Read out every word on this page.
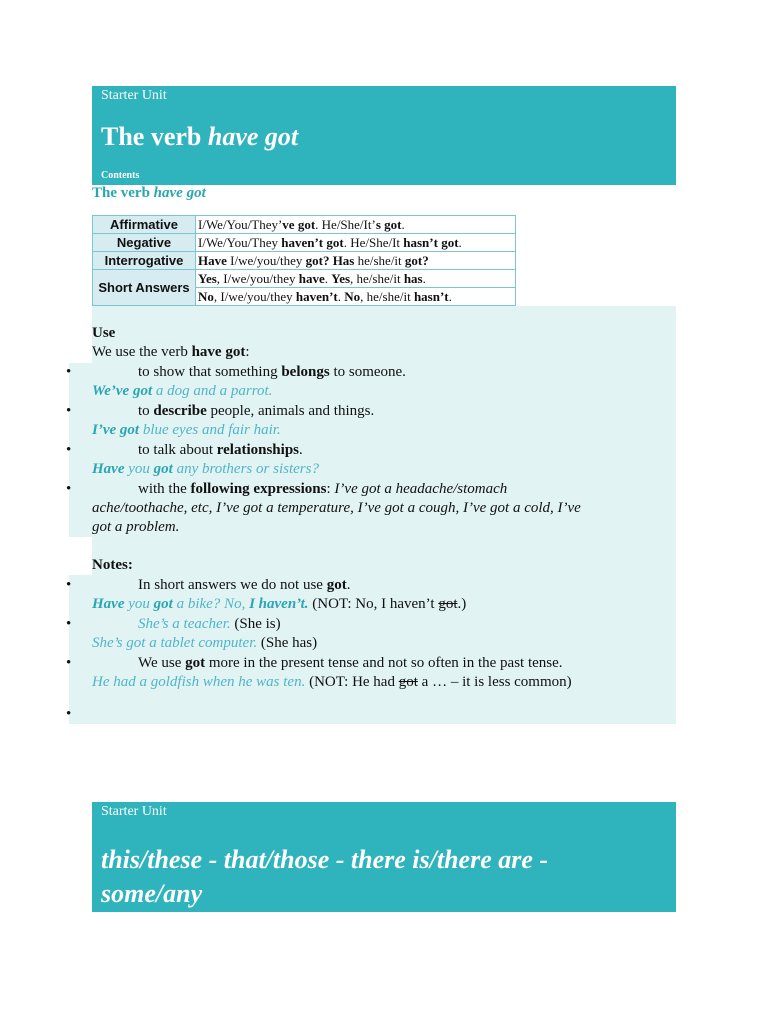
Starter Unit
The verb have got
Contents
The verb have got
Affirmative	I/We/You/They’ve got. He/She/It’s got.
Negative	I/We/You/They haven’t got. He/She/It hasn’t got.
Interrogative	Have I/we/you/they got? Has he/she/it got?
Short Answers	Yes, I/we/you/they have. Yes, he/she/it has.
	No, I/we/you/they haven’t. No, he/she/it hasn’t.
Use
We use the verb have got:
•	to show that something belongs to someone.
We’ve got a dog and a parrot.
•	to describe people, animals and things.
I’ve got blue eyes and fair hair.
•	to talk about relationships.
Have you got any brothers or sisters?
•	with the following expressions: I’ve got a headache/stomach
ache/toothache, etc, I’ve got a temperature, I’ve got a cough, I’ve got a cold, I’ve
got a problem.
Notes:
•	In short answers we do not use got.
Have you got a bike? No, I haven’t. (NOT: No, I haven’t got.)
•	She’s a teacher. (She is)
She’s got a tablet computer. (She has)
•	We use got more in the present tense and not so often in the past tense.
He had a goldfish when he was ten. (NOT: He had got a … – it is less common)
•
Starter Unit
this/these - that/those - there is/there are -
some/any
